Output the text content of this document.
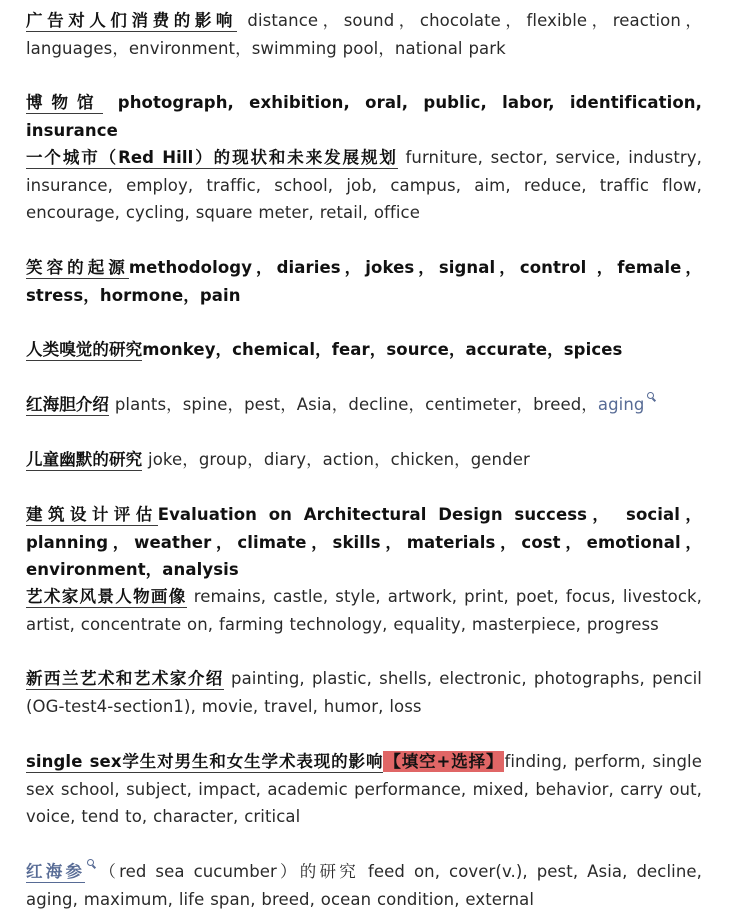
广告对人们消费的影响 distance，sound，chocolate，flexible，reaction，languages，environment，swimming pool，national park
博物馆 photograph, exhibition, oral, public, labor, identification, insurance
一个城市（Red Hill）的现状和未来发展规划 furniture, sector, service, industry, insurance, employ, traffic, school, job, campus, aim, reduce, traffic flow, encourage, cycling, square meter, retail, office
笑容的起源methodology，diaries，jokes，signal，control ，female，stress，hormone，pain
人类嗅觉的研究monkey，chemical，fear，source，accurate，spices
红海胆介绍 plants，spine，pest，Asia，decline，centimeter，breed，aging
儿童幽默的研究 joke，group，diary，action，chicken，gender
建筑设计评估Evaluation on Architectural Design success， social，planning，weather，climate，skills，materials，cost，emotional，environment，analysis
艺术家风景人物画像 remains, castle, style, artwork, print, poet, focus, livestock, artist, concentrate on, farming technology, equality, masterpiece, progress
新西兰艺术和艺术家介绍 painting, plastic, shells, electronic, photographs, pencil (OG-test4-section1), movie, travel, humor, loss
single sex学生对男生和女生学术表现的影响【填空+选择】finding, perform, single sex school, subject, impact, academic performance, mixed, behavior, carry out, voice, tend to, character, critical
红海参 （red sea cucumber）的研究 feed on, cover(v.), pest, Asia, decline, aging, maximum, life span, breed, ocean condition, external
